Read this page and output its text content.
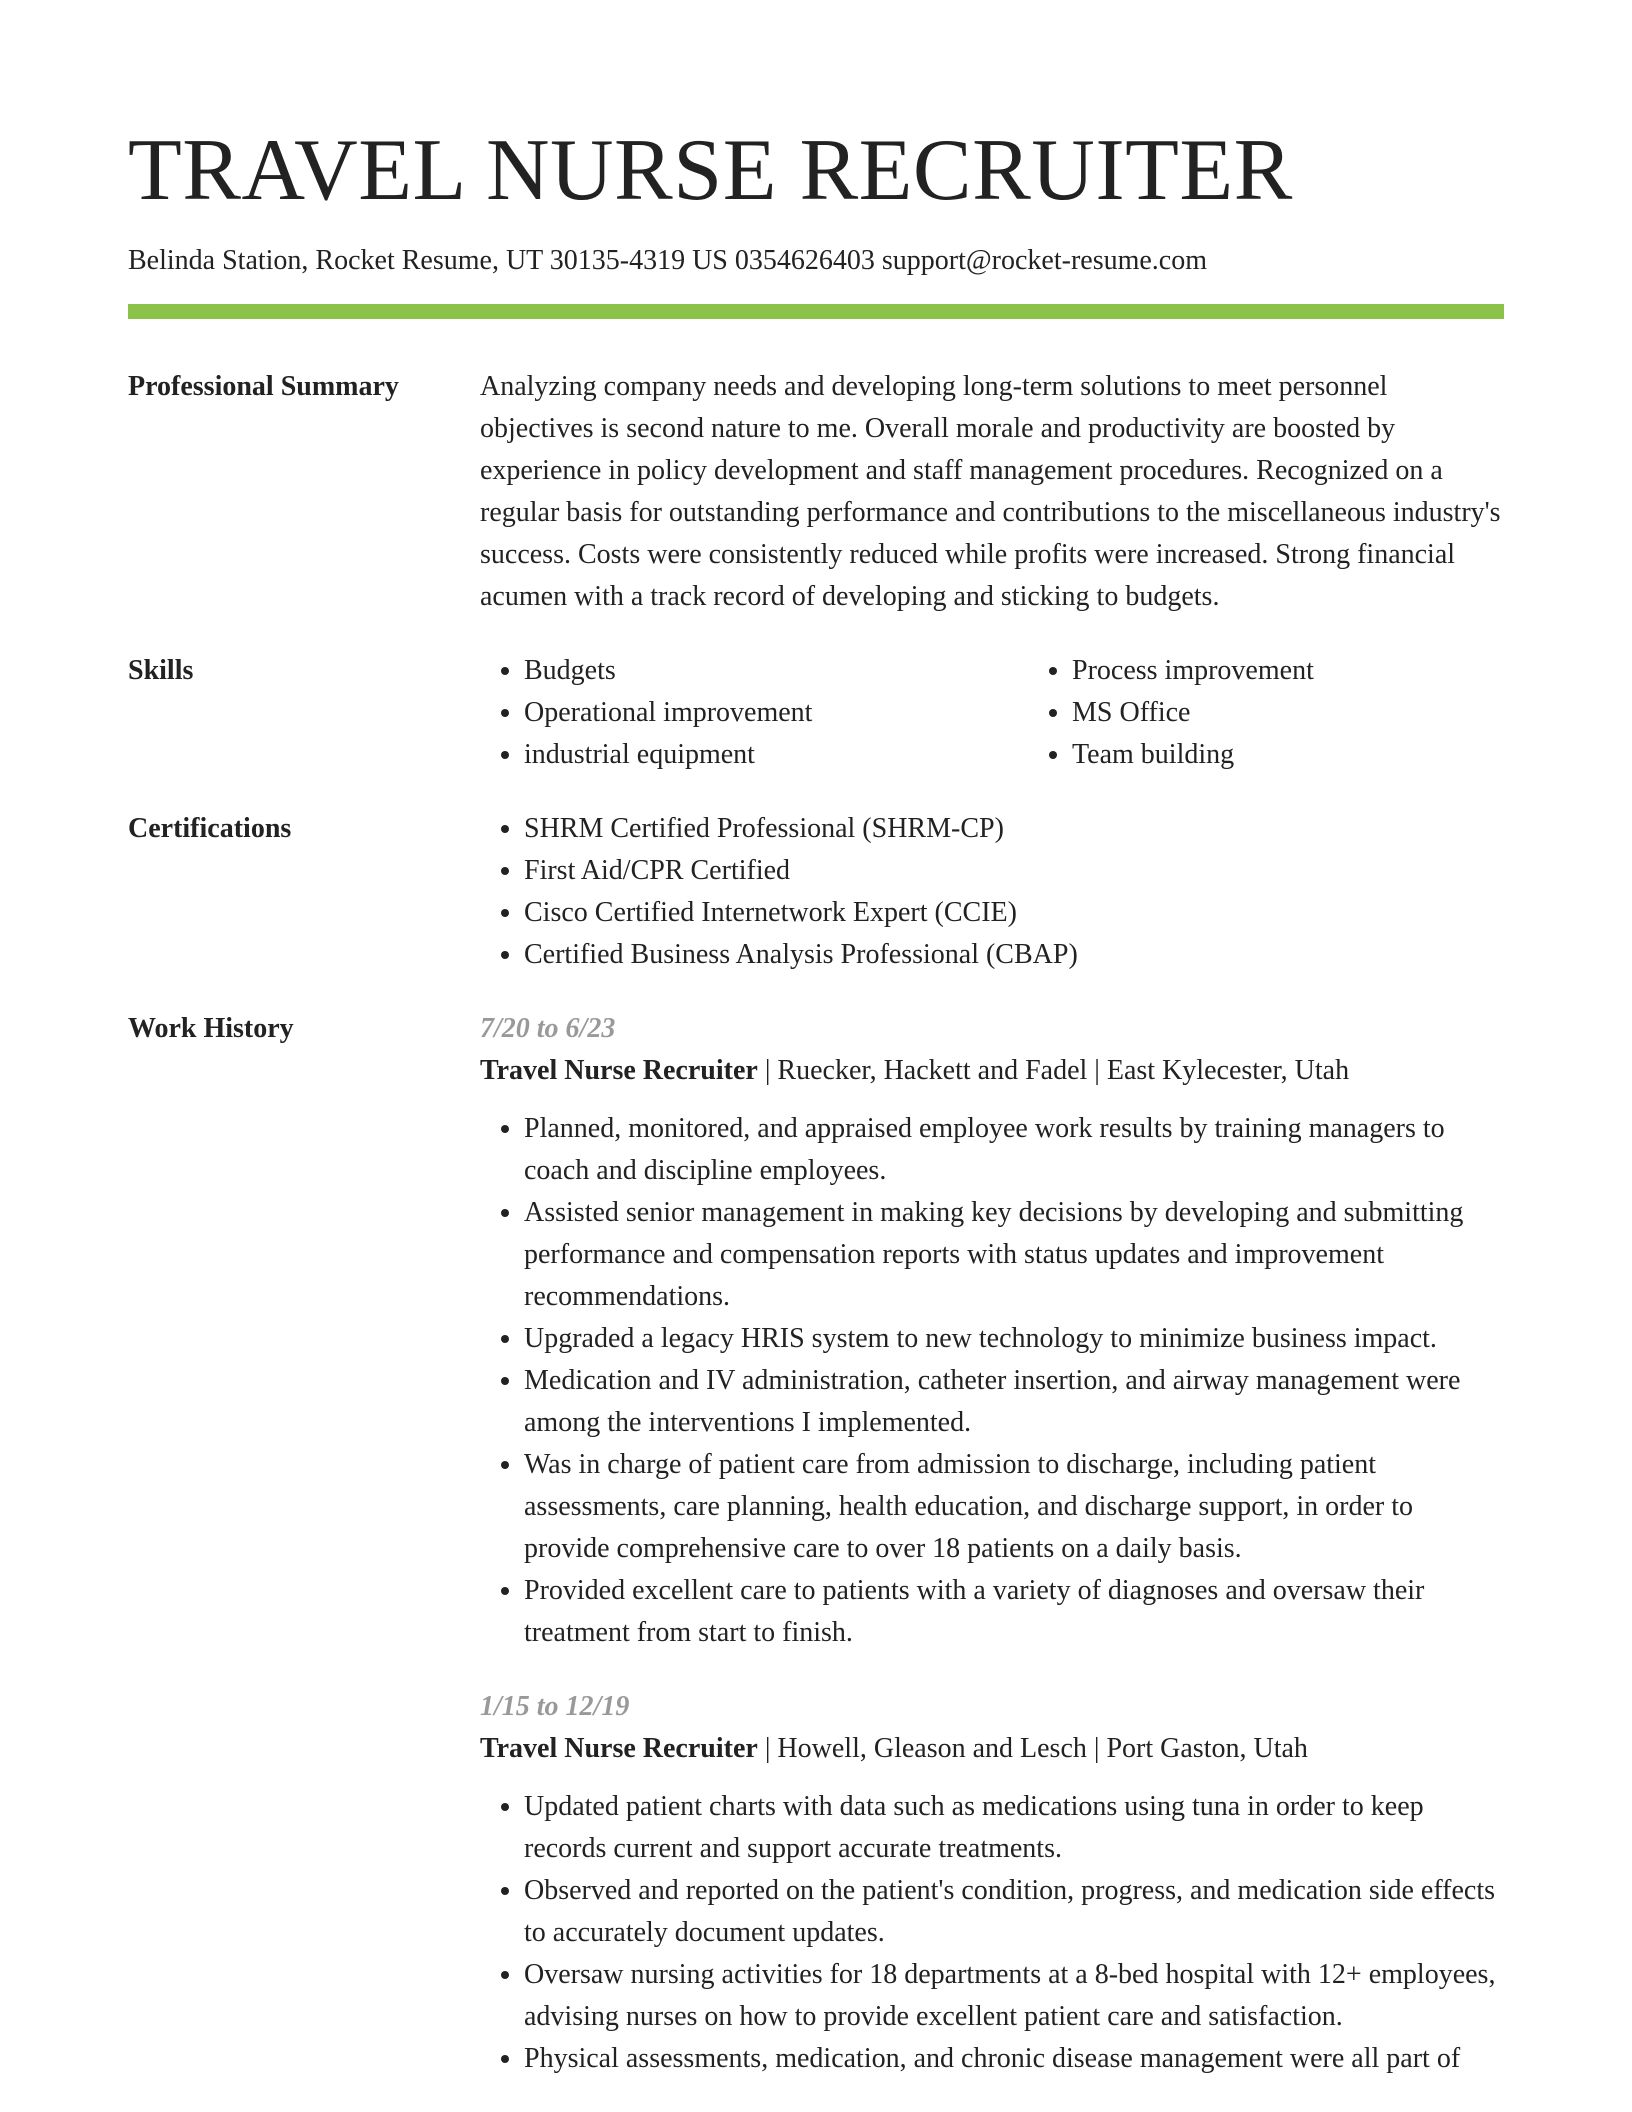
TRAVEL NURSE RECRUITER
Belinda Station, Rocket Resume, UT 30135-4319 US 0354626403 support@rocket-resume.com
Professional Summary	Analyzing company needs and developing long-term solutions to meet personnel objectives is second nature to me. Overall morale and productivity are boosted by experience in policy development and staff management procedures. Recognized on a regular basis for outstanding performance and contributions to the miscellaneous industry's success. Costs were consistently reduced while profits were increased. Strong financial acumen with a track record of developing and sticking to budgets.

Skills	• Budgets
• Operational improvement
• industrial equipment
• Process improvement
• MS Office
• Team building
Certifications	• SHRM Certified Professional (SHRM-CP)
• First Aid/CPR Certified
• Cisco Certified Internetwork Expert (CCIE)
• Certified Business Analysis Professional (CBAP)
Work History	7/20 to 6/23
Travel Nurse Recruiter | Ruecker, Hackett and Fadel | East Kylecester, Utah
• Planned, monitored, and appraised employee work results by training managers to coach and discipline employees.
• Assisted senior management in making key decisions by developing and submitting performance and compensation reports with status updates and improvement recommendations.
• Upgraded a legacy HRIS system to new technology to minimize business impact.
• Medication and IV administration, catheter insertion, and airway management were among the interventions I implemented.
• Was in charge of patient care from admission to discharge, including patient assessments, care planning, health education, and discharge support, in order to provide comprehensive care to over 18 patients on a daily basis.
• Provided excellent care to patients with a variety of diagnoses and oversaw their treatment from start to finish.
1/15 to 12/19
Travel Nurse Recruiter | Howell, Gleason and Lesch | Port Gaston, Utah
• Updated patient charts with data such as medications using tuna in order to keep records current and support accurate treatments.
• Observed and reported on the patient's condition, progress, and medication side effects to accurately document updates.
• Oversaw nursing activities for 18 departments at a 8-bed hospital with 12+ employees, advising nurses on how to provide excellent patient care and satisfaction.
• Physical assessments, medication, and chronic disease management were all part of
